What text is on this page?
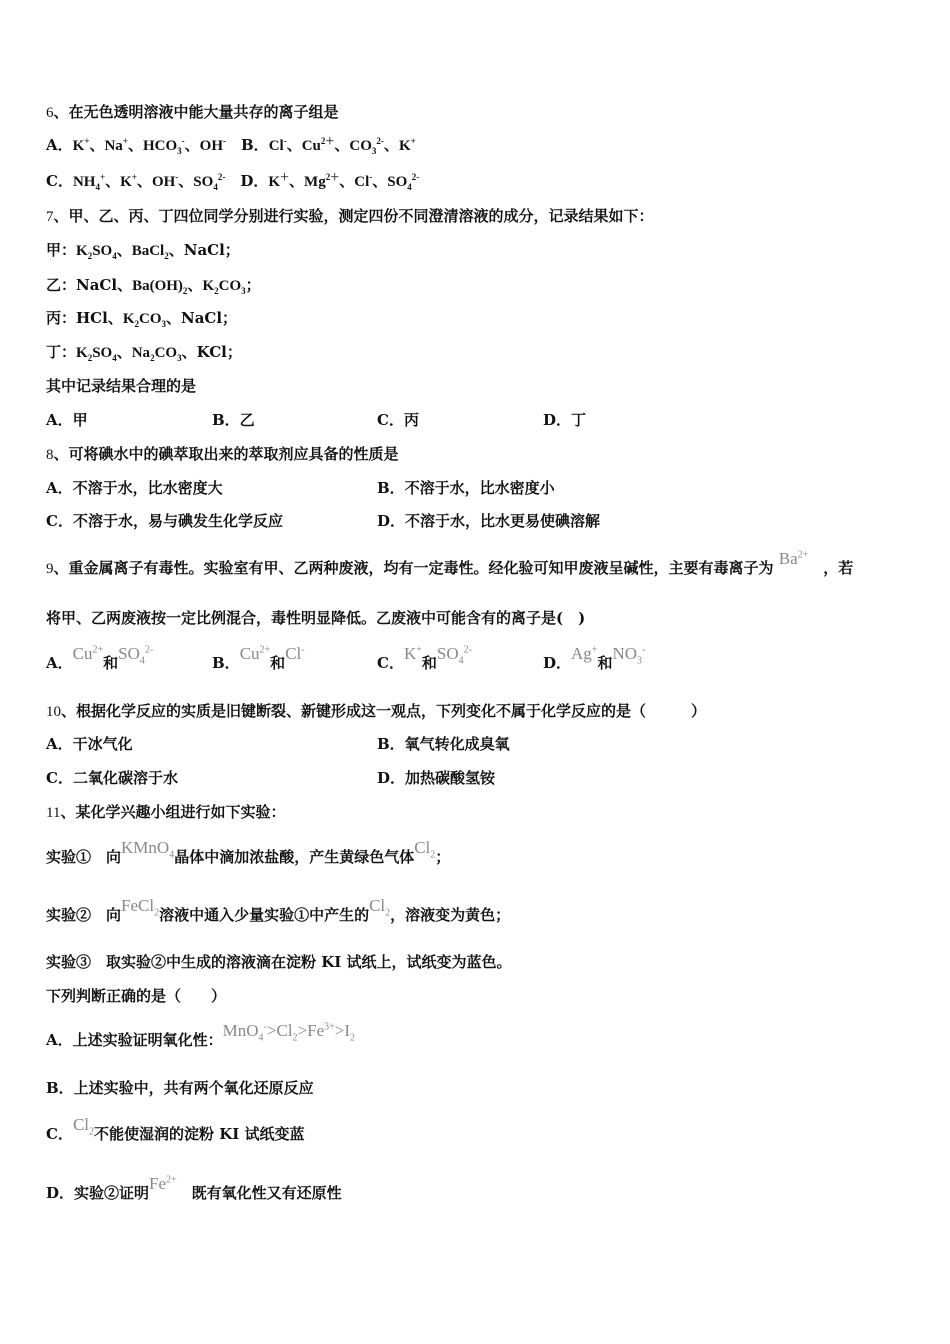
6、在无色透明溶液中能大量共存的离子组是
A．K+、Na+、$HCO_3^-$、OH-　B．Cl-、$Cu^{2+}$、$CO_3^{2-}$、K+
C．$NH_4^+$、K+、OH-、$SO_4^{2-}$　D．K＋、$Mg^{2+}$、Cl-、$SO_4^{2-}$
7、甲、乙、丙、丁四位同学分别进行实验，测定四份不同澄清溶液的成分，记录结果如下：
甲：$K_2SO_4$、BaCl$_2$、NaCl；
乙：NaCl、$Ba(OH)_2$、$K_2CO_3$；
丙：HCl、$K_2CO_3$、NaCl；
丁：$K_2SO_4$、$Na_2CO_3$、KCl；
其中记录结果合理的是
A．甲	B．乙	C．丙	D．丁
8、可将碘水中的碘萃取出来的萃取剂应具备的性质是
A．不溶于水，比水密度大	B．不溶于水，比水密度小
C．不溶于水，易与碘发生化学反应	D．不溶于水，比水更易使碘溶解
9、重金属离子有毒性。实验室有甲、乙两种废液，均有一定毒性。经化验可知甲废液呈碱性，主要有毒离子为 $Ba^{2+}$　，若
将甲、乙两废液按一定比例混合，毒性明显降低。乙废液中可能含有的离子是(　)
A．$Cu^{2+}$和$SO_4^{2-}$
B．$Cu^{2+}$和Cl-
C．K+和$SO_4^{2-}$
D．Ag+和$NO_3^-$
10、根据化学反应的实质是旧键断裂、新键形成这一观点，下列变化不属于化学反应的是（　　　）
A．干冰气化	B．氧气转化成臭氧
C．二氧化碳溶于水	D．加热碳酸氢铵
11、某化学兴趣小组进行如下实验：
实验①　向KMnO$_4$晶体中滴加浓盐酸，产生黄绿色气体$Cl_2$；
实验②　向FeCl$_2$溶液中通入少量实验①中产生的$Cl_2$，溶液变为黄色；
实验③　取实验②中生成的溶液滴在淀粉 KI 试纸上，试纸变为蓝色。
下列判断正确的是（　　）
A．上述实验证明氧化性：$MnO_4^->Cl_2>Fe^{3+}>I_2$
B．上述实验中，共有两个氧化还原反应
C．$Cl_2$不能使湿润的淀粉 KI 试纸变蓝
D．实验②证明$Fe^{2+}$　既有氧化性又有还原性
